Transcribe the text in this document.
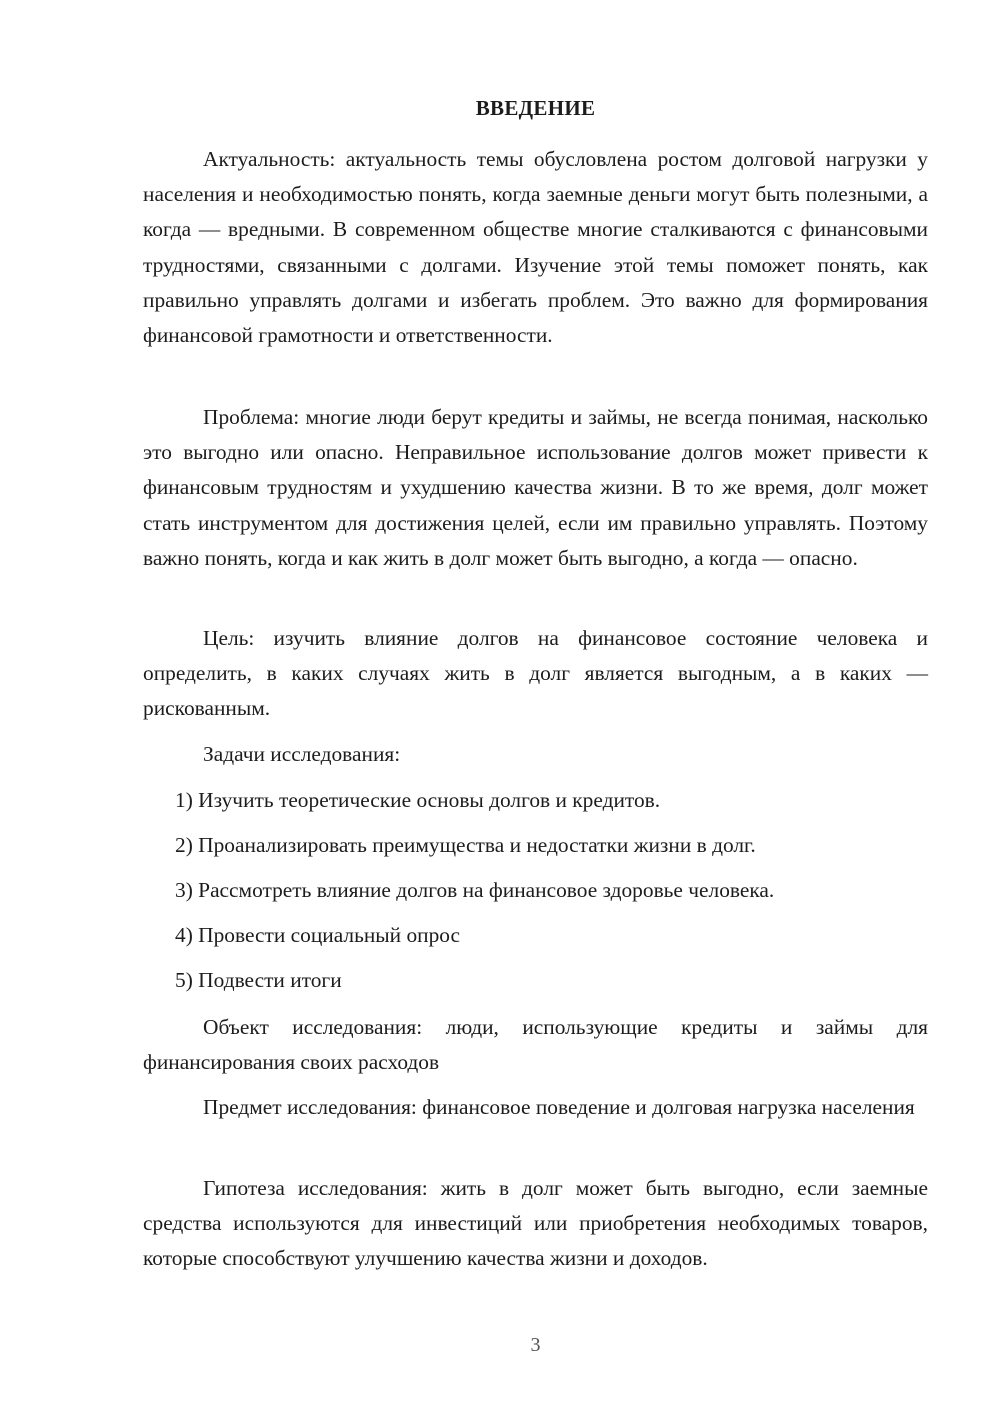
ВВЕДЕНИЕ

Актуальность: актуальность темы обусловлена ростом долговой нагрузки у населения и необходимостью понять, когда заемные деньги могут быть полезными, а когда — вредными. В современном обществе многие сталкиваются с финансовыми трудностями, связанными с долгами. Изучение этой темы поможет понять, как правильно управлять долгами и избегать проблем. Это важно для формирования финансовой грамотности и ответственности.

Проблема: многие люди берут кредиты и займы, не всегда понимая, насколько это выгодно или опасно. Неправильное использование долгов может привести к финансовым трудностям и ухудшению качества жизни. В то же время, долг может стать инструментом для достижения целей, если им правильно управлять. Поэтому важно понять, когда и как жить в долг может быть выгодно, а когда — опасно.

Цель: изучить влияние долгов на финансовое состояние человека и определить, в каких случаях жить в долг является выгодным, а в каких — рискованным.

Задачи исследования:

1) Изучить теоретические основы долгов и кредитов.

2) Проанализировать преимущества и недостатки жизни в долг.

3) Рассмотреть влияние долгов на финансовое здоровье человека.

4) Провести социальный опрос

5) Подвести итоги

Объект исследования: люди, использующие кредиты и займы для финансирования своих расходов

Предмет исследования: финансовое поведение и долговая нагрузка населения

Гипотеза исследования: жить в долг может быть выгодно, если заемные средства используются для инвестиций или приобретения необходимых товаров, которые способствуют улучшению качества жизни и доходов.

3
